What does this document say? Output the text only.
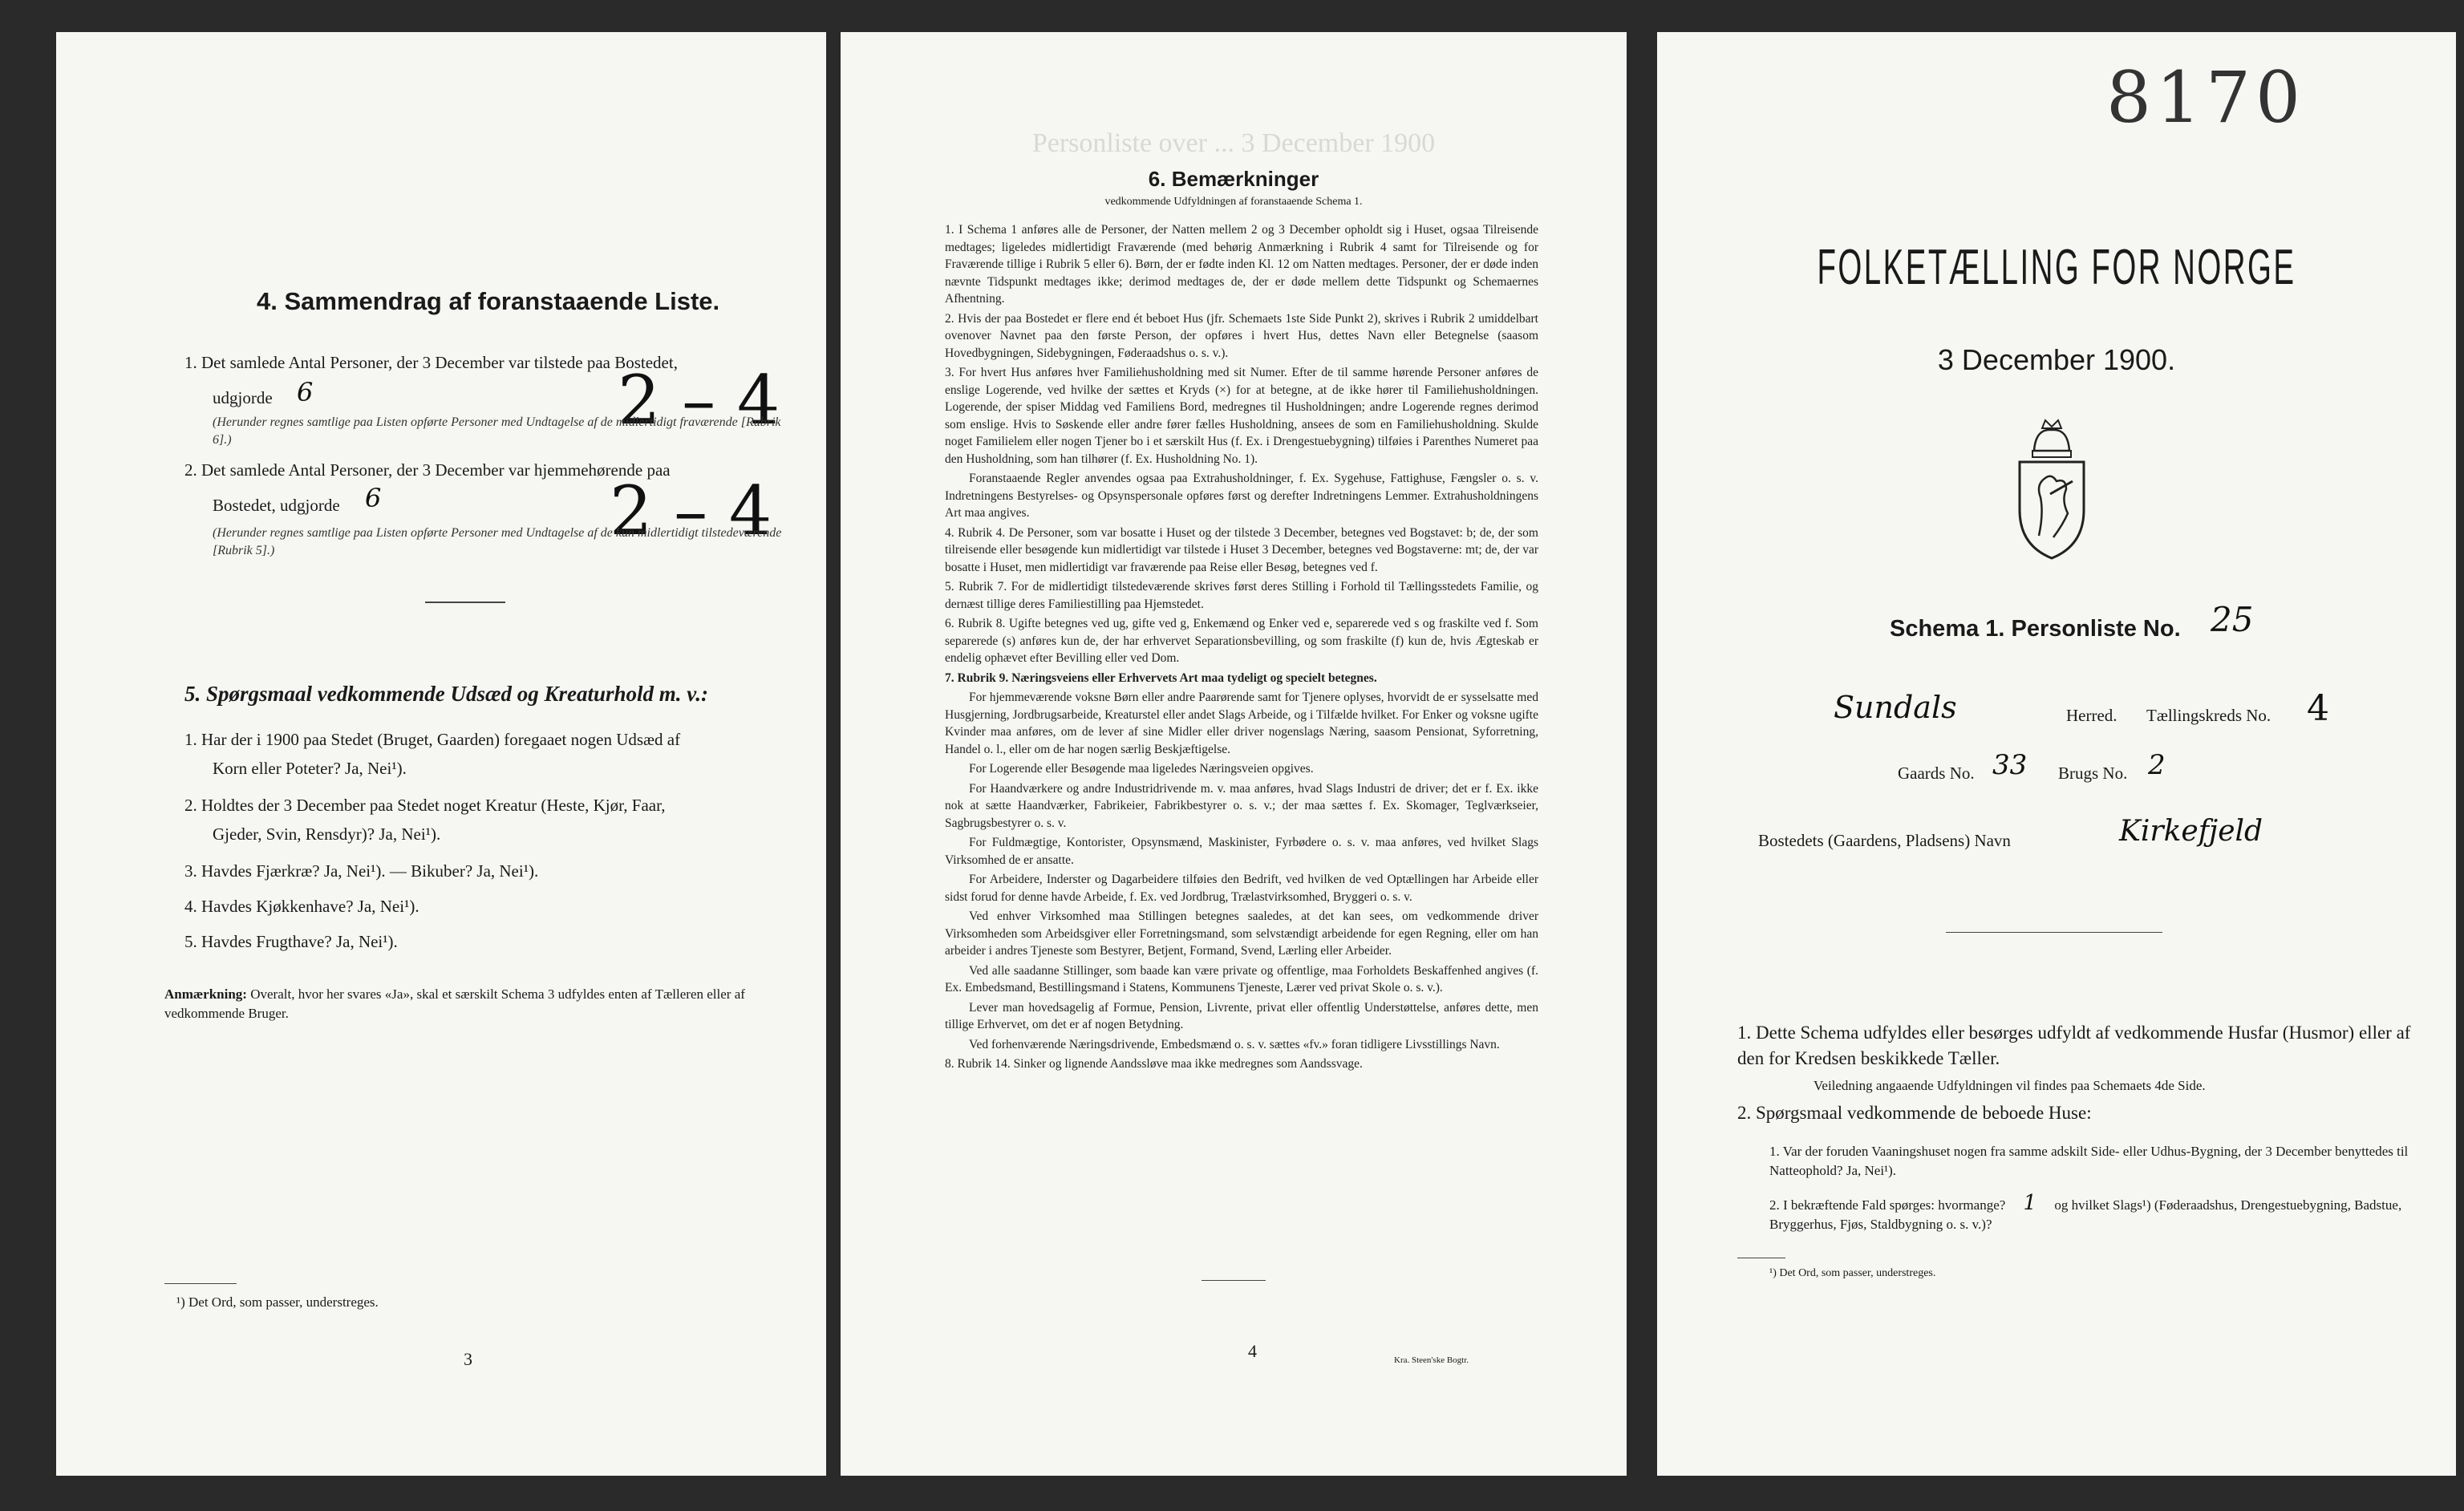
4. Sammendrag af foranstaaende Liste.
1. Det samlede Antal Personer, der 3 December var tilstede paa Bostedet,
udgjorde 6	2 – 4
(Herunder regnes samtlige paa Listen opførte Personer med Undtagelse af de midlertidigt fraværende [Rubrik 6].)
2. Det samlede Antal Personer, der 3 December var hjemmehørende paa
Bostedet, udgjorde 6	2 – 4
(Herunder regnes samtlige paa Listen opførte Personer med Undtagelse af de kun midlertidigt tilstedeværende [Rubrik 5].)
5. Spørgsmaal vedkommende Udsæd og Kreaturhold m. v.:
1. Har der i 1900 paa Stedet (Bruget, Gaarden) foregaaet nogen Udsæd af
Korn eller Poteter? Ja, Nei¹).
2. Holdtes der 3 December paa Stedet noget Kreatur (Heste, Kjør, Faar,
Gjeder, Svin, Rensdyr)? Ja, Nei¹).
3. Havdes Fjærkræ? Ja, Nei¹). — Bikuber? Ja, Nei¹).
4. Havdes Kjøkkenhave? Ja, Nei¹).
5. Havdes Frugthave? Ja, Nei¹).
Anmærkning: Overalt, hvor her svares «Ja», skal et særskilt Schema 3 udfyldes enten af Tælleren eller af vedkommende Bruger.
¹) Det Ord, som passer, understreges.
3
Personliste over ... 3 December 1900
6. Bemærkninger
vedkommende Udfyldningen af foranstaaende Schema 1.

1. I Schema 1 anføres alle de Personer, der Natten mellem 2 og 3 December opholdt sig i Huset, ogsaa Tilreisende medtages; ligeledes midlertidigt Fraværende (med behørig Anmærkning i Rubrik 4 samt for Tilreisende og for Fraværende tillige i Rubrik 5 eller 6). Børn, der er fødte inden Kl. 12 om Natten medtages. Personer, der er døde inden nævnte Tidspunkt medtages ikke; derimod medtages de, der er døde mellem dette Tidspunkt og Schemaernes Afhentning.

2. Hvis der paa Bostedet er flere end ét beboet Hus (jfr. Schemaets 1ste Side Punkt 2), skrives i Rubrik 2 umiddelbart ovenover Navnet paa den første Person, der opføres i hvert Hus, dettes Navn eller Betegnelse (saasom Hovedbygningen, Sidebygningen, Føderaadshus o. s. v.).

3. For hvert Hus anføres hver Familiehusholdning med sit Numer. Efter de til samme hørende Personer anføres de enslige Logerende, ved hvilke der sættes et Kryds (×) for at betegne, at de ikke hører til Familiehusholdningen. Logerende, der spiser Middag ved Familiens Bord, medregnes til Husholdningen; andre Logerende regnes derimod som enslige. Hvis to Søskende eller andre fører fælles Husholdning, ansees de som en Familiehusholdning. Skulde noget Familielem eller nogen Tjener bo i et særskilt Hus (f. Ex. i Drengestuebygning) tilføies i Parenthes Numeret paa den Husholdning, som han tilhører (f. Ex. Husholdning No. 1).

Foranstaaende Regler anvendes ogsaa paa Extrahusholdninger, f. Ex. Sygehuse, Fattighuse, Fængsler o. s. v. Indretningens Bestyrelses- og Opsynspersonale opføres først og derefter Indretningens Lemmer. Extrahusholdningens Art maa angives.

4. Rubrik 4. De Personer, som var bosatte i Huset og der tilstede 3 December, betegnes ved Bogstavet: b; de, der som tilreisende eller besøgende kun midlertidigt var tilstede i Huset 3 December, betegnes ved Bogstaverne: mt; de, der var bosatte i Huset, men midlertidigt var fraværende paa Reise eller Besøg, betegnes ved f.

5. Rubrik 7. For de midlertidigt tilstedeværende skrives først deres Stilling i Forhold til Tællingsstedets Familie, og dernæst tillige deres Familiestilling paa Hjemstedet.

6. Rubrik 8. Ugifte betegnes ved ug, gifte ved g, Enkemænd og Enker ved e, separerede ved s og fraskilte ved f. Som separerede (s) anføres kun de, der har erhvervet Separationsbevilling, og som fraskilte (f) kun de, hvis Ægteskab er endelig ophævet efter Bevilling eller ved Dom.

7. Rubrik 9. Næringsveiens eller Erhvervets Art maa tydeligt og specielt betegnes.

For hjemmeværende voksne Børn eller andre Paarørende samt for Tjenere oplyses, hvorvidt de er sysselsatte med Husgjerning, Jordbrugsarbeide, Kreaturstel eller andet Slags Arbeide, og i Tilfælde hvilket. For Enker og voksne ugifte Kvinder maa anføres, om de lever af sine Midler eller driver nogenslags Næring, saasom Pensionat, Syforretning, Handel o. l., eller om de har nogen særlig Beskjæftigelse.

For Logerende eller Besøgende maa ligeledes Næringsveien opgives.

For Haandværkere og andre Industridrivende m. v. maa anføres, hvad Slags Industri de driver; det er f. Ex. ikke nok at sætte Haandværker, Fabrikeier, Fabrikbestyrer o. s. v.; der maa sættes f. Ex. Skomager, Teglværkseier, Sagbrugsbestyrer o. s. v.

For Fuldmægtige, Kontorister, Opsynsmænd, Maskinister, Fyrbødere o. s. v. maa anføres, ved hvilket Slags Virksomhed de er ansatte.

For Arbeidere, Inderster og Dagarbeidere tilføies den Bedrift, ved hvilken de ved Optællingen har Arbeide eller sidst forud for denne havde Arbeide, f. Ex. ved Jordbrug, Trælastvirksomhed, Bryggeri o. s. v.

Ved enhver Virksomhed maa Stillingen betegnes saaledes, at det kan sees, om vedkommende driver Virksomheden som Arbeidsgiver eller Forretningsmand, som selvstændigt arbeidende for egen Regning, eller om han arbeider i andres Tjeneste som Bestyrer, Betjent, Formand, Svend, Lærling eller Arbeider.

Ved alle saadanne Stillinger, som baade kan være private og offentlige, maa Forholdets Beskaffenhed angives (f. Ex. Embedsmand, Bestillingsmand i Statens, Kommunens Tjeneste, Lærer ved privat Skole o. s. v.).

Lever man hovedsagelig af Formue, Pension, Livrente, privat eller offentlig Understøttelse, anføres dette, men tillige Erhvervet, om det er af nogen Betydning.

Ved forhenværende Næringsdrivende, Embedsmænd o. s. v. sættes «fv.» foran tidligere Livsstillings Navn.

8. Rubrik 14. Sinker og lignende Aandssløve maa ikke medregnes som Aandssvage.

4	Kra. Steen'ske Bogtr.
8170
FOLKETÆLLING FOR NORGE
3 December 1900.
Schema 1. Personliste No. 25
Sundals	Herred. Tællingskreds No. 4
Gaards No. 33 Brugs No. 2
Bostedets (Gaardens, Pladsens) Navn	Kirkefjeld
1. Dette Schema udfyldes eller besørges udfyldt af vedkommende Husfar (Husmor) eller af den for Kredsen beskikkede Tæller.
Veiledning angaaende Udfyldningen vil findes paa Schemaets 4de Side.
2. Spørgsmaal vedkommende de beboede Huse:
1. Var der foruden Vaaningshuset nogen fra samme adskilt Side- eller Udhus-Bygning, der 3 December benyttedes til Natteophold? Ja, Nei¹).
2. I bekræftende Fald spørges: hvormange? 1 og hvilket Slags¹) (Føderaadshus, Drengestuebygning, Badstue, Bryggerhus, Fjøs, Staldbygning o. s. v.)?
¹) Det Ord, som passer, understreges.
